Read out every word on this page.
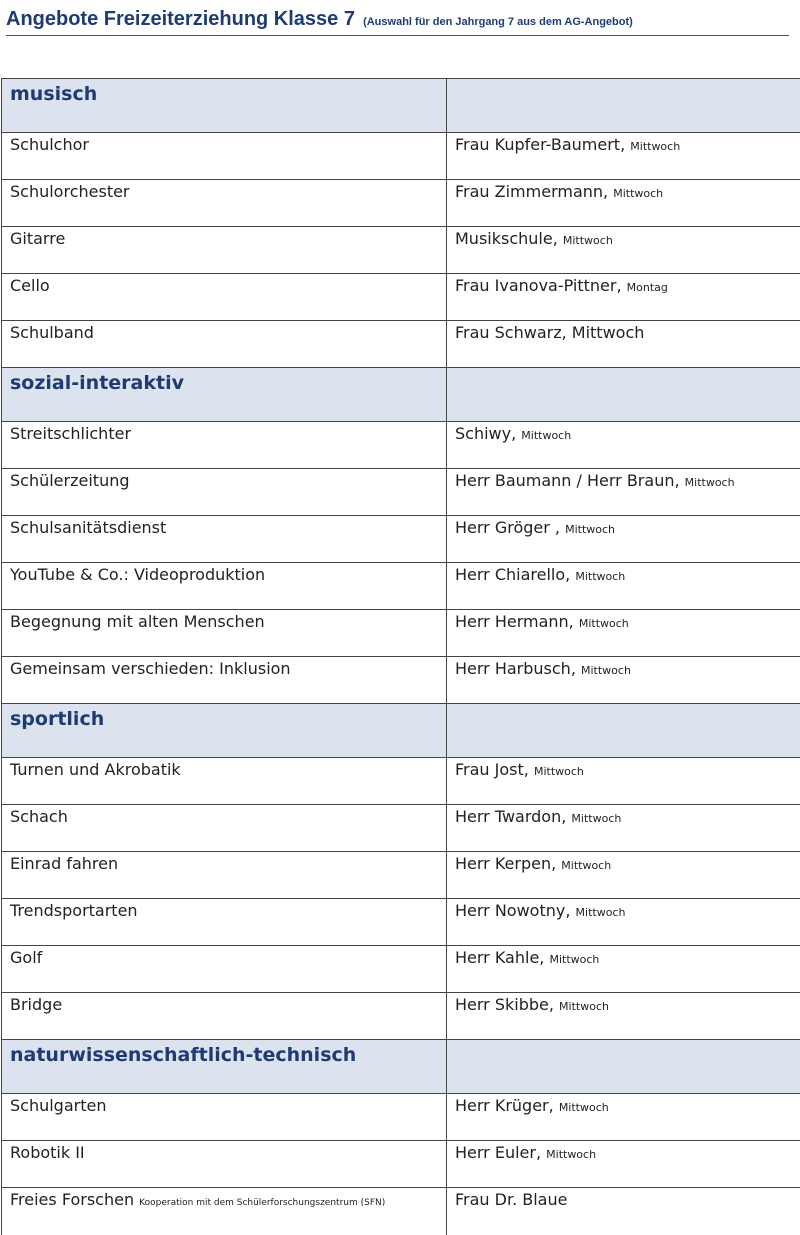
Angebote Freizeiterziehung Klasse 7 (Auswahl für den Jahrgang 7 aus dem AG-Angebot)
musisch	
Schulchor	Frau Kupfer-Baumert, Mittwoch
Schulorchester	Frau Zimmermann, Mittwoch
Gitarre	Musikschule, Mittwoch
Cello	Frau Ivanova-Pittner, Montag
Schulband	Frau Schwarz, Mittwoch
sozial-interaktiv	
Streitschlichter	Schiwy, Mittwoch
Schülerzeitung	Herr Baumann / Herr Braun, Mittwoch
Schulsanitätsdienst	Herr Gröger , Mittwoch
YouTube & Co.: Videoproduktion	Herr Chiarello, Mittwoch
Begegnung mit alten Menschen	Herr Hermann, Mittwoch
Gemeinsam verschieden: Inklusion	Herr Harbusch, Mittwoch
sportlich	
Turnen und Akrobatik	Frau Jost, Mittwoch
Schach	Herr Twardon, Mittwoch
Einrad fahren	Herr Kerpen, Mittwoch
Trendsportarten	Herr Nowotny, Mittwoch
Golf	Herr Kahle, Mittwoch
Bridge	Herr Skibbe, Mittwoch
naturwissenschaftlich-technisch	
Schulgarten	Herr Krüger, Mittwoch
Robotik II	Herr Euler, Mittwoch
Freies Forschen Kooperation mit dem Schülerforschungszentrum (SFN)	Frau Dr. Blaue
